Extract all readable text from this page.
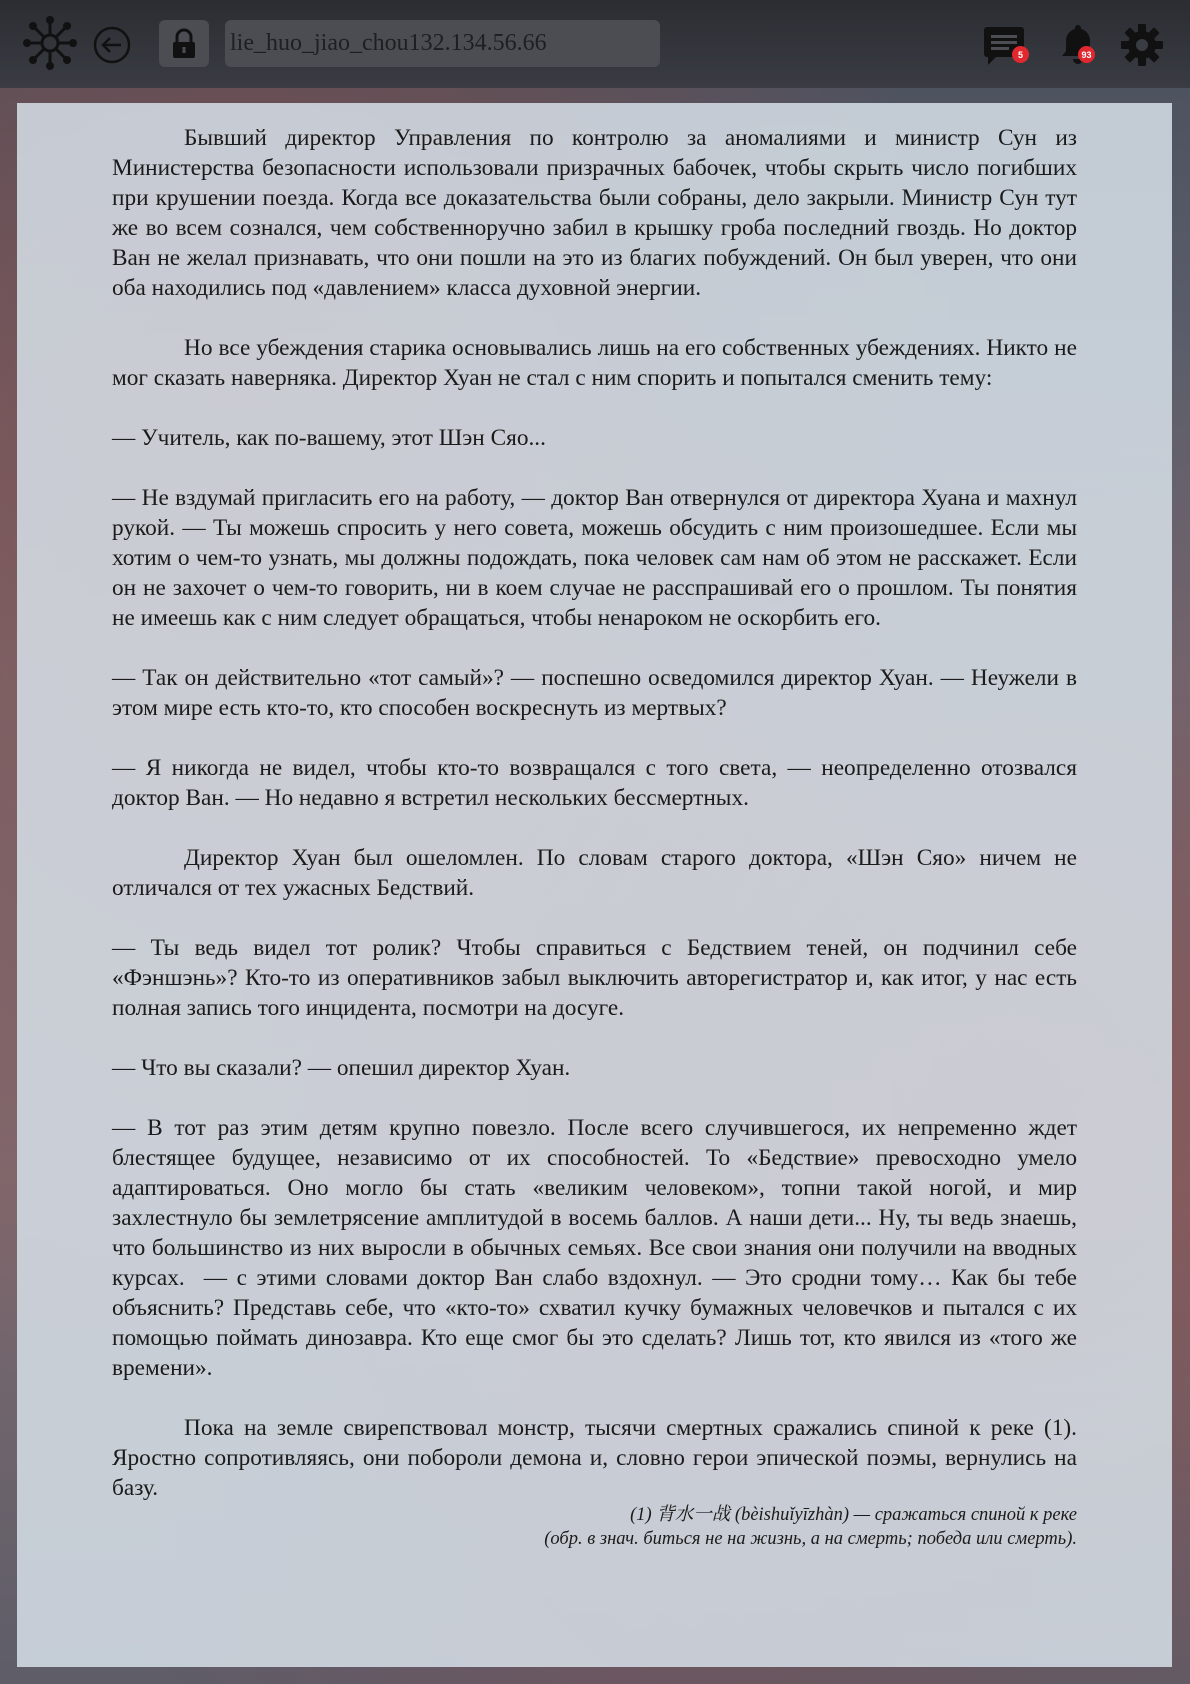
lie_huo_jiao_chou132.134.56.66
5	93

Бывший директор Управления по контролю за аномалиями и министр Сун из Министерства безопасности использовали призрачных бабочек, чтобы скрыть число погибших при крушении поезда. Когда все доказательства были собраны, дело закрыли. Министр Сун тут же во всем сознался, чем собственноручно забил в крышку гроба последний гвоздь. Но доктор Ван не желал признавать, что они пошли на это из благих побуждений. Он был уверен, что они оба находились под «давлением» класса духовной энергии.

Но все убеждения старика основывались лишь на его собственных убеждениях. Никто не мог сказать наверняка. Директор Хуан не стал с ним спорить и попытался сменить тему:

— Учитель, как по-вашему, этот Шэн Сяо...

— Не вздумай пригласить его на работу, — доктор Ван отвернулся от директора Хуана и махнул рукой. — Ты можешь спросить у него совета, можешь обсудить с ним произошедшее. Если мы хотим о чем-то узнать, мы должны подождать, пока человек сам нам об этом не расскажет. Если он не захочет о чем-то говорить, ни в коем случае не расспрашивай его о прошлом. Ты понятия не имеешь как с ним следует обращаться, чтобы ненароком не оскорбить его.

— Так он действительно «тот самый»? — поспешно осведомился директор Хуан. — Неужели в этом мире есть кто-то, кто способен воскреснуть из мертвых?

— Я никогда не видел, чтобы кто-то возвращался с того света, — неопределенно отозвался доктор Ван. — Но недавно я встретил нескольких бессмертных.

Директор Хуан был ошеломлен. По словам старого доктора, «Шэн Сяо» ничем не отличался от тех ужасных Бедствий.

— Ты ведь видел тот ролик? Чтобы справиться с Бедствием теней, он подчинил себе «Фэншэнь»? Кто-то из оперативников забыл выключить авторегистратор и, как итог, у нас есть полная запись того инцидента, посмотри на досуге.

— Что вы сказали? — опешил директор Хуан.

— В тот раз этим детям крупно повезло. После всего случившегося, их непременно ждет блестящее будущее, независимо от их способностей. То «Бедствие» превосходно умело адаптироваться. Оно могло бы стать «великим человеком», топни такой ногой, и мир захлестнуло бы землетрясение амплитудой в восемь баллов. А наши дети... Ну, ты ведь знаешь, что большинство из них выросли в обычных семьях. Все свои знания они получили на вводных курсах.  — с этими словами доктор Ван слабо вздохнул. — Это сродни тому… Как бы тебе объяснить? Представь себе, что «кто-то» схватил кучку бумажных человечков и пытался с их помощью поймать динозавра. Кто еще смог бы это сделать? Лишь тот, кто явился из «того же времени».

Пока на земле свирепствовал монстр, тысячи смертных сражались спиной к реке (1). Яростно сопротивляясь, они побороли демона и, словно герои эпической поэмы, вернулись на базу.

(1) 背水一战 (bèishuǐyīzhàn) — сражаться спиной к реке

(обр. в знач. биться не на жизнь, а на смерть; победа или смерть).
